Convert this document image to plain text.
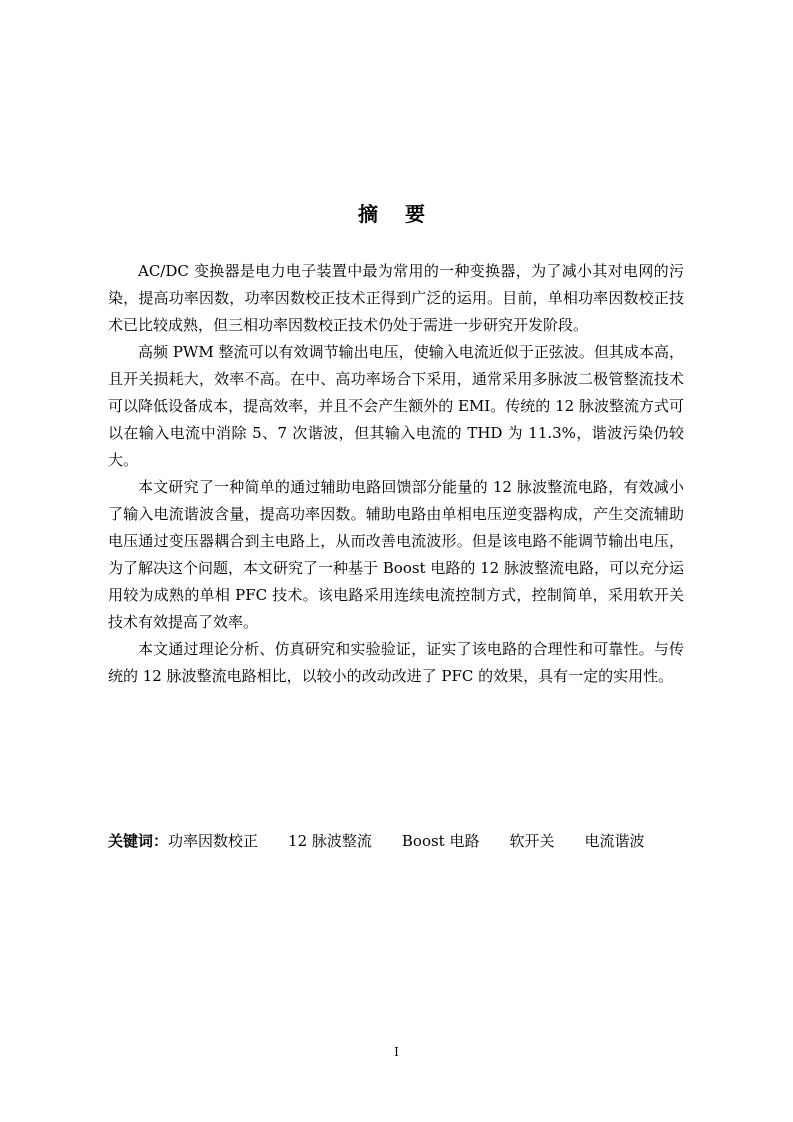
摘 要

AC/DC 变换器是电力电子装置中最为常用的一种变换器，为了减小其对电网的污染，提高功率因数，功率因数校正技术正得到广泛的运用。目前，单相功率因数校正技术已比较成熟，但三相功率因数校正技术仍处于需进一步研究开发阶段。

高频 PWM 整流可以有效调节输出电压，使输入电流近似于正弦波。但其成本高，且开关损耗大，效率不高。在中、高功率场合下采用，通常采用多脉波二极管整流技术可以降低设备成本，提高效率，并且不会产生额外的 EMI。传统的 12 脉波整流方式可以在输入电流中消除 5、7 次谐波，但其输入电流的 THD 为 11.3%，谐波污染仍较大。

本文研究了一种简单的通过辅助电路回馈部分能量的 12 脉波整流电路，有效减小了输入电流谐波含量，提高功率因数。辅助电路由单相电压逆变器构成，产生交流辅助电压通过变压器耦合到主电路上，从而改善电流波形。但是该电路不能调节输出电压，为了解决这个问题，本文研究了一种基于 Boost 电路的 12 脉波整流电路，可以充分运用较为成熟的单相 PFC 技术。该电路采用连续电流控制方式，控制简单，采用软开关技术有效提高了效率。

本文通过理论分析、仿真研究和实验验证，证实了该电路的合理性和可靠性。与传统的 12 脉波整流电路相比，以较小的改动改进了 PFC 的效果，具有一定的实用性。

关键词：功率因数校正 12 脉波整流 Boost 电路 软开关 电流谐波
I
